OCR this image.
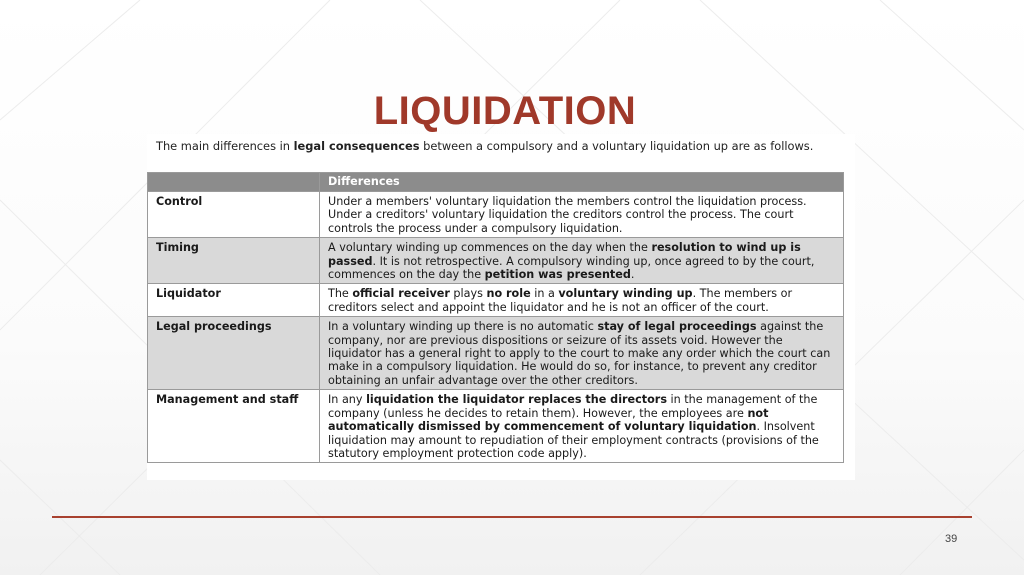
LIQUIDATION
The main differences in legal consequences between a compulsory and a voluntary liquidation up are as follows.
	Differences
Control	Under a members' voluntary liquidation the members control the liquidation process. Under a creditors' voluntary liquidation the creditors control the process. The court controls the process under a compulsory liquidation.
Timing	A voluntary winding up commences on the day when the resolution to wind up is passed. It is not retrospective. A compulsory winding up, once agreed to by the court, commences on the day the petition was presented.
Liquidator	The official receiver plays no role in a voluntary winding up. The members or creditors select and appoint the liquidator and he is not an officer of the court.
Legal proceedings	In a voluntary winding up there is no automatic stay of legal proceedings against the company, nor are previous dispositions or seizure of its assets void. However the liquidator has a general right to apply to the court to make any order which the court can make in a compulsory liquidation. He would do so, for instance, to prevent any creditor obtaining an unfair advantage over the other creditors.
Management and staff	In any liquidation the liquidator replaces the directors in the management of the company (unless he decides to retain them). However, the employees are not automatically dismissed by commencement of voluntary liquidation. Insolvent liquidation may amount to repudiation of their employment contracts (provisions of the statutory employment protection code apply).
39
